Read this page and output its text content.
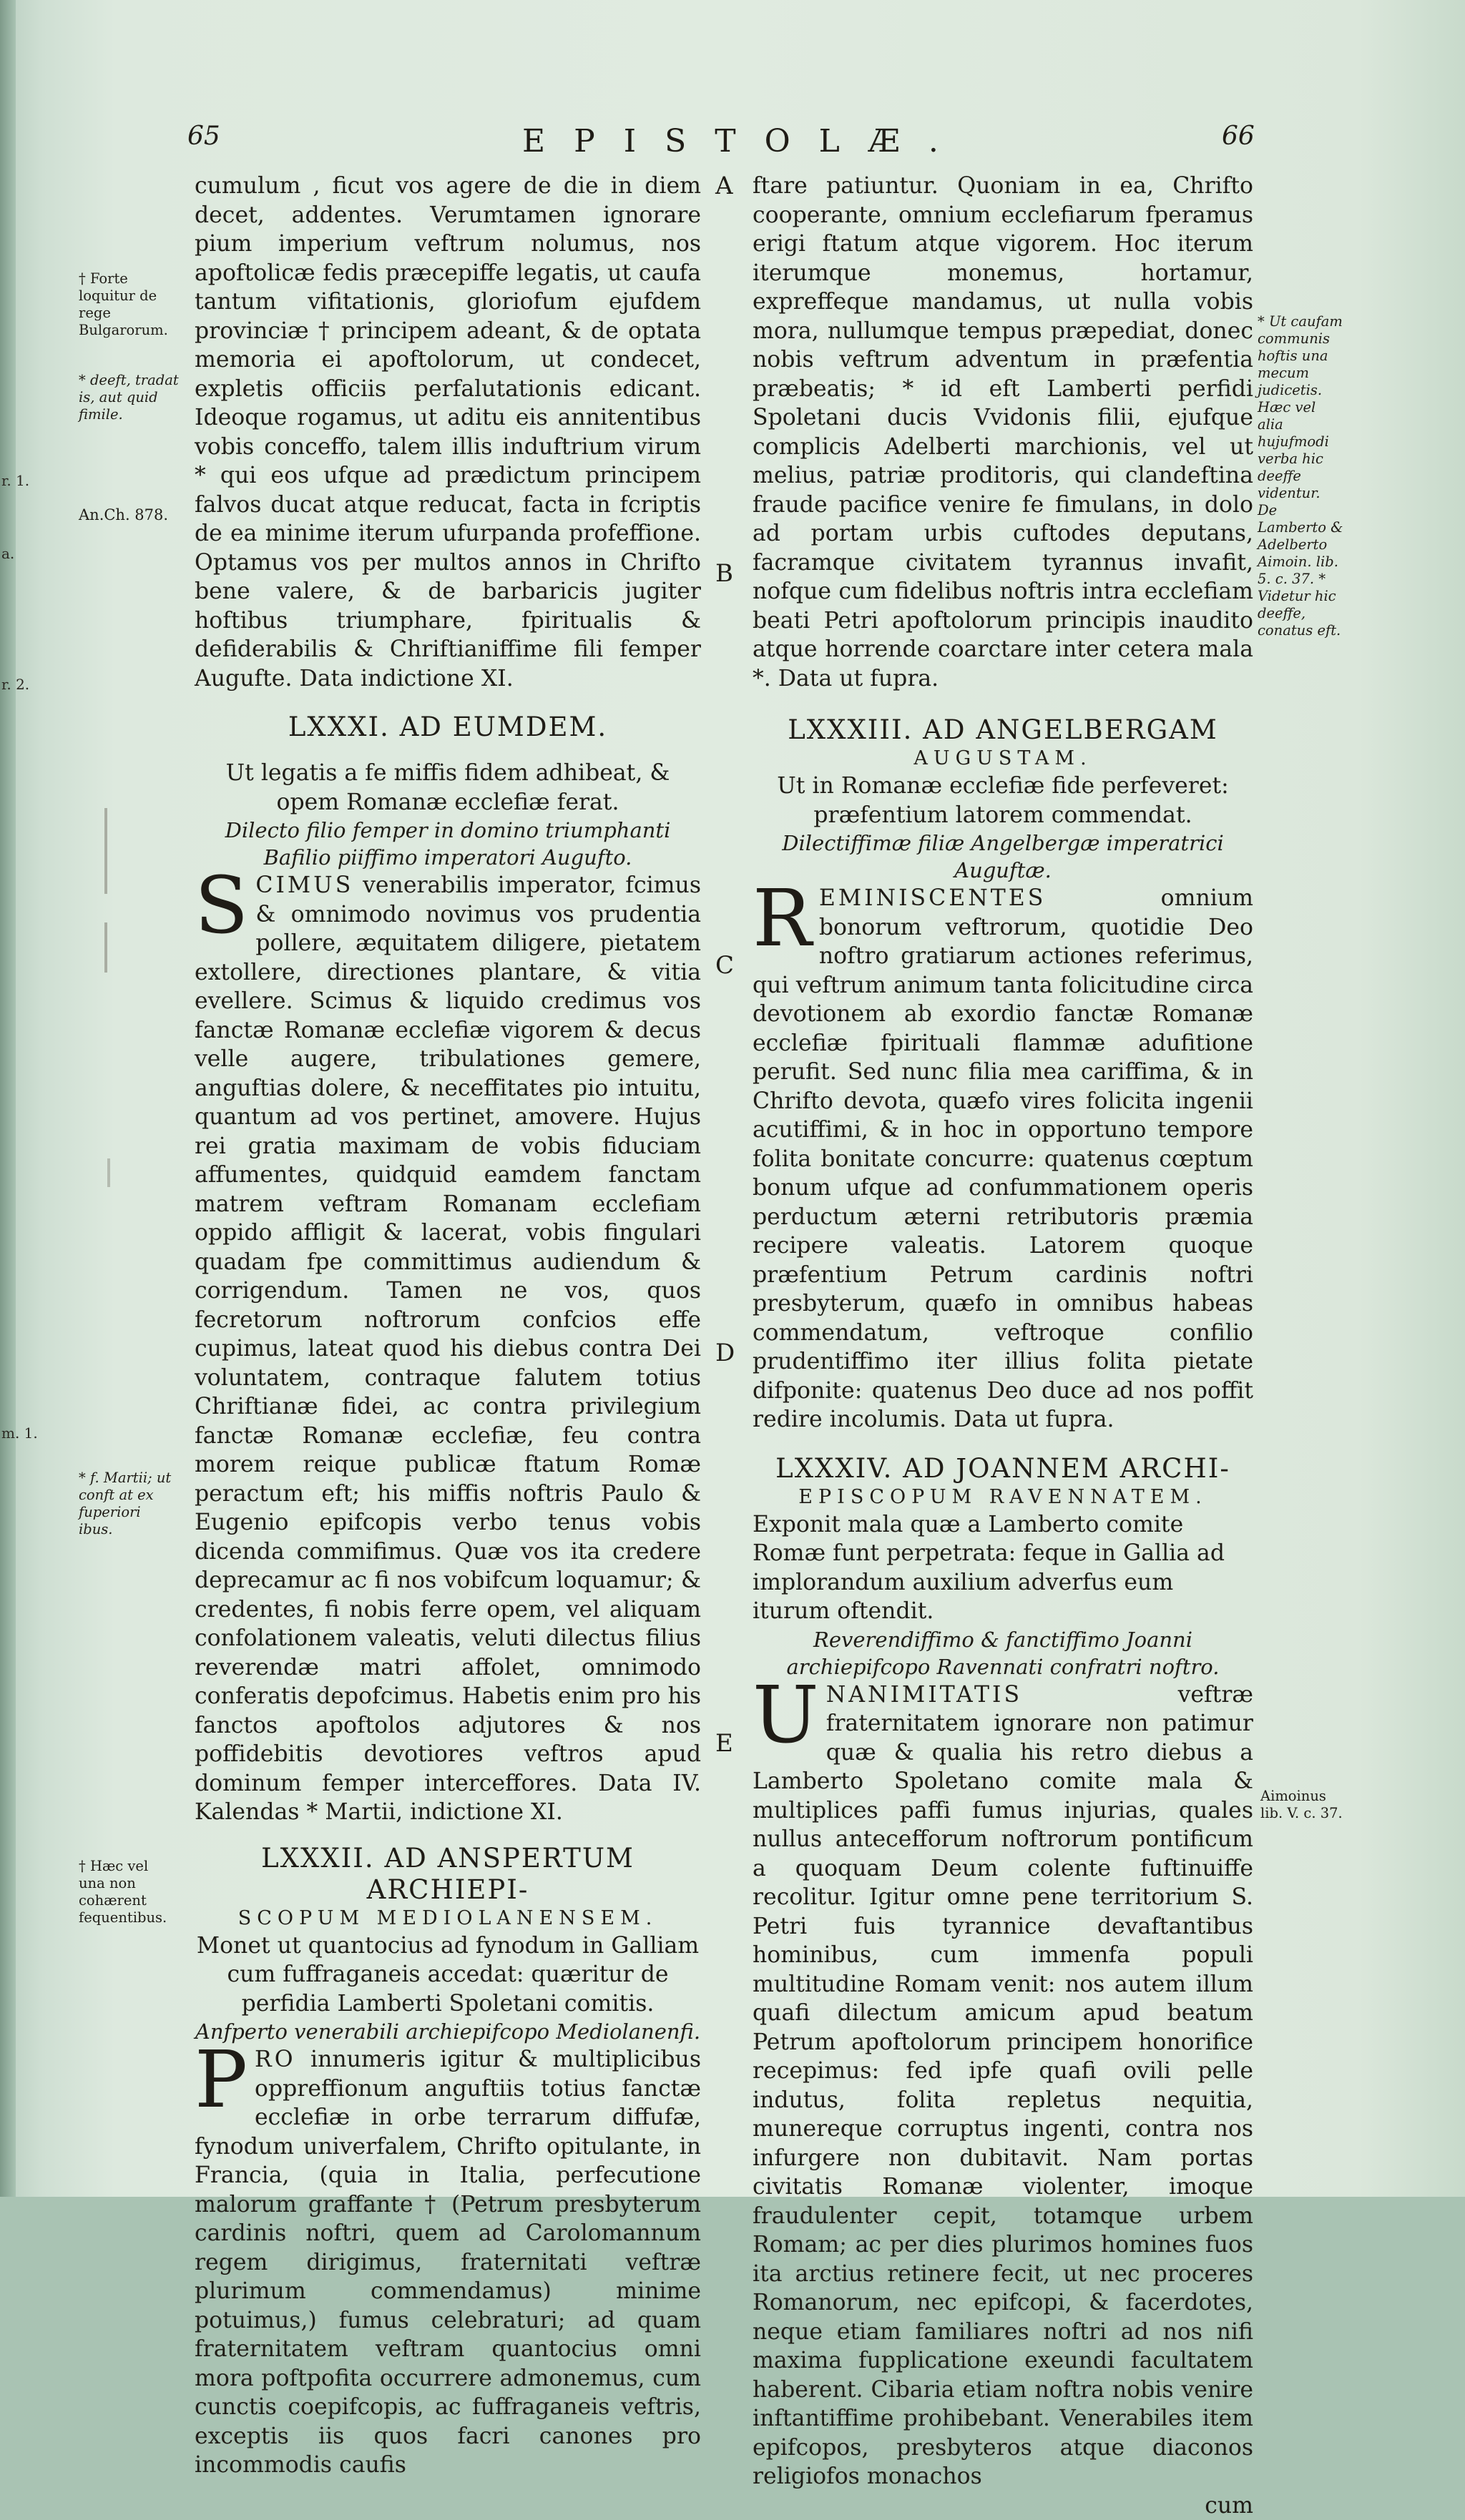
r. 1.
a.
r. 2.
m. 1.
65	EPISTOLÆ.	66
A
B
C
D
E
† Forte loquitur de rege Bulgarorum.
* deeft, tradat is, aut quid fimile.
An.Ch. 878.
* f. Martii; ut conft at ex fuperiori ibus.
† Hæc vel una non cohærent fequentibus.
* Ut caufam communis hoftis una mecum judicetis. Hæc vel alia hujufmodi verba hic deeffe videntur. De Lamberto & Adelberto Aimoin. lib. 5. c. 37. * Videtur hic deeffe, conatus eft.
Aimoinus lib. V. c. 37.

cumulum , ficut vos agere de die in diem decet, addentes. Verumtamen ignorare pium imperium veftrum nolumus, nos apoftolicæ fedis præcepiffe legatis, ut caufa tantum vifitationis, gloriofum ejufdem provinciæ † principem adeant, & de optata memoria ei apoftolorum, ut condecet, expletis officiis perfalutationis edicant. Ideoque rogamus, ut aditu eis annitentibus vobis conceffo, talem illis induftrium virum * qui eos ufque ad prædictum principem falvos ducat atque reducat, facta in fcriptis de ea minime iterum ufurpanda profeffione. Optamus vos per multos annos in Chrifto bene valere, & de barbaricis jugiter hoftibus triumphare, fpiritualis & defiderabilis & Chriftianiffime fili femper Augufte. Data indictione XI.

LXXXI. AD EUMDEM.

Ut legatis a fe miffis fidem adhibeat, & opem Romanæ ecclefiæ ferat.

Dilecto filio femper in domino triumphanti Bafilio piiffimo imperatori Augufto.

SCIMUS venerabilis imperator, fcimus & omnimodo novimus vos prudentia pollere, æquitatem diligere, pietatem extollere, directiones plantare, & vitia evellere. Scimus & liquido credimus vos fanctæ Romanæ ecclefiæ vigorem & decus velle augere, tribulationes gemere, anguftias dolere, & neceffitates pio intuitu, quantum ad vos pertinet, amovere. Hujus rei gratia maximam de vobis fiduciam affumentes, quidquid eamdem fanctam matrem veftram Romanam ecclefiam oppido affligit & lacerat, vobis fingulari quadam fpe committimus audiendum & corrigendum. Tamen ne vos, quos fecretorum noftrorum confcios effe cupimus, lateat quod his diebus contra Dei voluntatem, contraque falutem totius Chriftianæ fidei, ac contra privilegium fanctæ Romanæ ecclefiæ, feu contra morem reique publicæ ftatum Romæ peractum eft; his miffis noftris Paulo & Eugenio epifcopis verbo tenus vobis dicenda commifimus. Quæ vos ita credere deprecamur ac fi nos vobifcum loquamur; & credentes, fi nobis ferre opem, vel aliquam confolationem valeatis, veluti dilectus filius reverendæ matri affolet, omnimodo conferatis depofcimus. Habetis enim pro his fanctos apoftolos adjutores & nos poffidebitis devotiores veftros apud dominum femper interceffores. Data IV. Kalendas * Martii, indictione XI.

LXXXII. AD ANSPERTUM ARCHIEPI-

SCOPUM MEDIOLANENSEM.

Monet ut quantocius ad fynodum in Galliam cum fuffraganeis accedat: quæritur de perfidia Lamberti Spoletani comitis.

Anfperto venerabili archiepifcopo Mediolanenfi.

PRO innumeris igitur & multiplicibus oppreffionum anguftiis totius fanctæ ecclefiæ in orbe terrarum diffufæ, fynodum univerfalem, Chrifto opitulante, in Francia, (quia in Italia, perfecutione malorum graffante † (Petrum presbyterum cardinis noftri, quem ad Carolomannum regem dirigimus, fraternitati veftræ plurimum commendamus) minime potuimus,) fumus celebraturi; ad quam fraternitatem veftram quantocius omni mora poftpofita occurrere admonemus, cum cunctis coepifcopis, ac fuffraganeis veftris, exceptis iis quos facri canones pro incommodis caufis

ftare patiuntur. Quoniam in ea, Chrifto cooperante, omnium ecclefiarum fperamus erigi ftatum atque vigorem. Hoc iterum iterumque monemus, hortamur, expreffeque mandamus, ut nulla vobis mora, nullumque tempus præpediat, donec nobis veftrum adventum in præfentia præbeatis; * id eft Lamberti perfidi Spoletani ducis Vvidonis filii, ejufque complicis Adelberti marchionis, vel ut melius, patriæ proditoris, qui clandeftina fraude pacifice venire fe fimulans, in dolo ad portam urbis cuftodes deputans, facramque civitatem tyrannus invafit, nofque cum fidelibus noftris intra ecclefiam beati Petri apoftolorum principis inaudito atque horrende coarctare inter cetera mala *. Data ut fupra.

LXXXIII. AD ANGELBERGAM

AUGUSTAM.

Ut in Romanæ ecclefiæ fide perfeveret: præfentium latorem commendat.

Dilectiffimæ filiæ Angelbergæ imperatrici Auguftæ.

REMINISCENTES omnium bonorum veftrorum, quotidie Deo noftro gratiarum actiones referimus, qui veftrum animum tanta folicitudine circa devotionem ab exordio fanctæ Romanæ ecclefiæ fpirituali flammæ adufitione perufit. Sed nunc filia mea cariffima, & in Chrifto devota, quæfo vires folicita ingenii acutiffimi, & in hoc in opportuno tempore folita bonitate concurre: quatenus cœptum bonum ufque ad confummationem operis perductum æterni retributoris præmia recipere valeatis. Latorem quoque præfentium Petrum cardinis noftri presbyterum, quæfo in omnibus habeas commendatum, veftroque confilio prudentiffimo iter illius folita pietate difponite: quatenus Deo duce ad nos poffit redire incolumis. Data ut fupra.

LXXXIV. AD JOANNEM ARCHI-

EPISCOPUM RAVENNATEM.

Exponit mala quæ a Lamberto comite Romæ funt perpetrata: feque in Gallia ad implorandum auxilium adverfus eum iturum oftendit.

Reverendiffimo & fanctiffimo Joanni archiepifcopo Ravennati confratri noftro.

UNANIMITATIS veftræ fraternitatem ignorare non patimur quæ & qualia his retro diebus a Lamberto Spoletano comite mala & multiplices paffi fumus injurias, quales nullus antecefforum noftrorum pontificum a quoquam Deum colente fuftinuiffe recolitur. Igitur omne pene territorium S. Petri fuis tyrannice devaftantibus hominibus, cum immenfa populi multitudine Romam venit: nos autem illum quafi dilectum amicum apud beatum Petrum apoftolorum principem honorifice recepimus: fed ipfe quafi ovili pelle indutus, folita repletus nequitia, munereque corruptus ingenti, contra nos infurgere non dubitavit. Nam portas civitatis Romanæ violenter, imoque fraudulenter cepit, totamque urbem Romam; ac per dies plurimos homines fuos ita arctius retinere fecit, ut nec proceres Romanorum, nec epifcopi, & facerdotes, neque etiam familiares noftri ad nos nifi maxima fupplicatione exeundi facultatem haberent. Cibaria etiam noftra nobis venire inftantiffime prohibebant. Venerabiles item epifcopos, presbyteros atque diaconos religiofos monachos

cum
